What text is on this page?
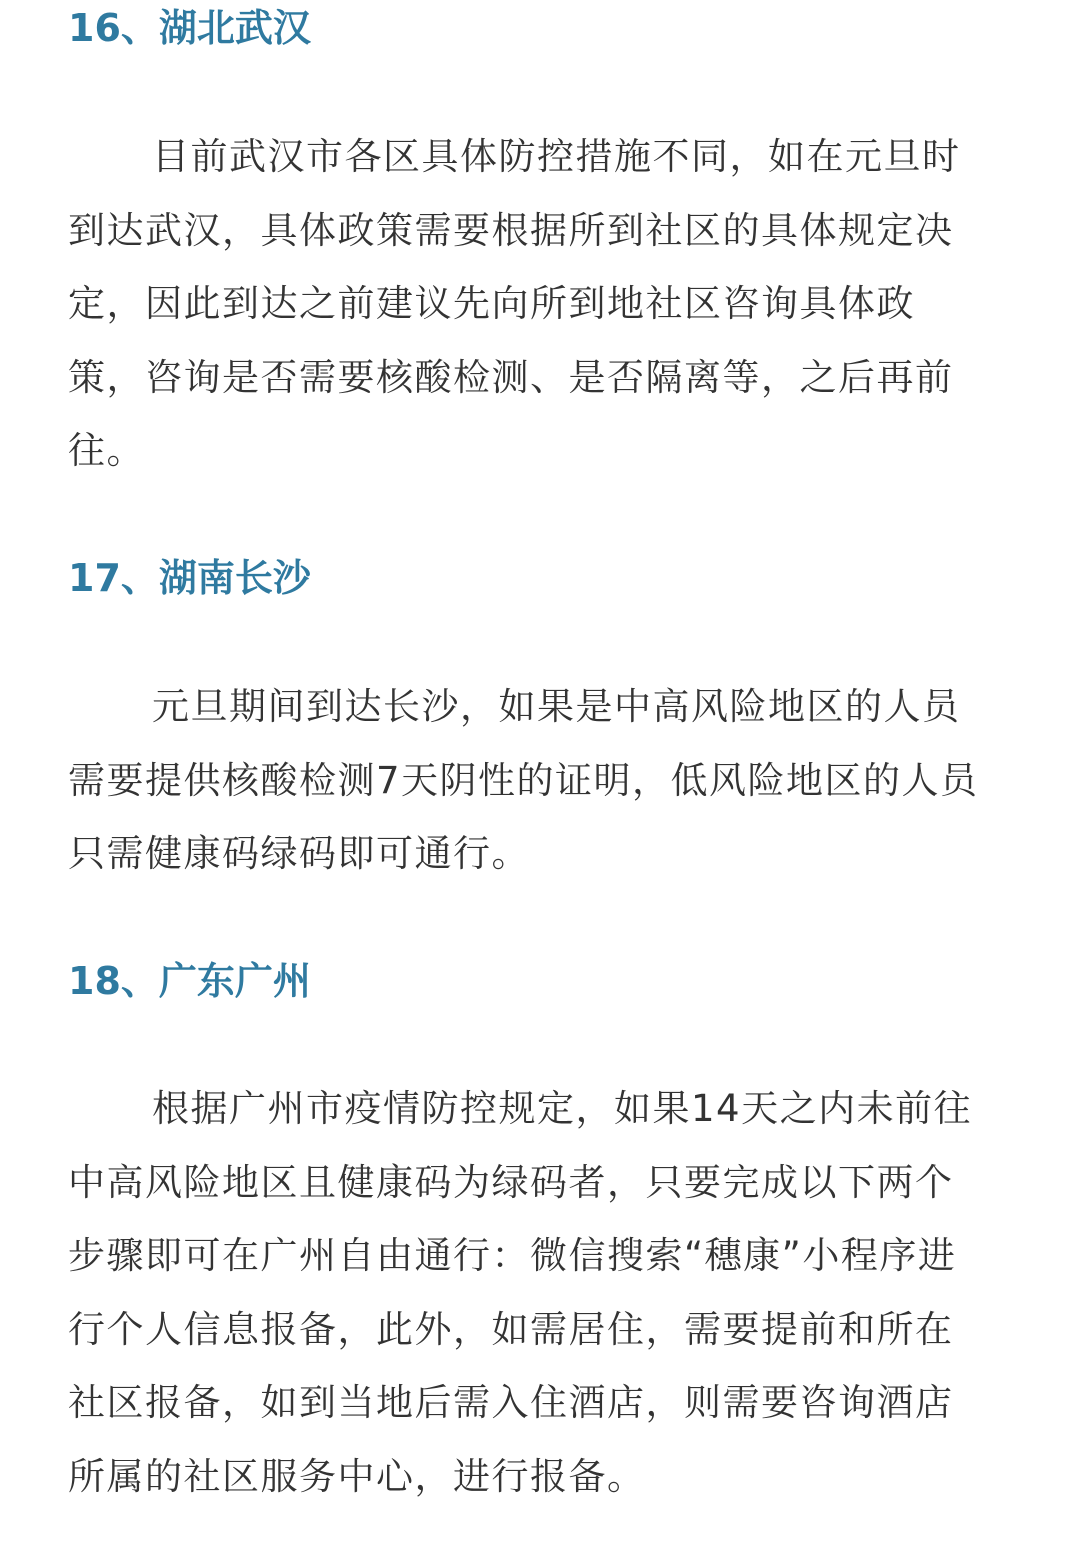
16、湖北武汉

目前武汉市各区具体防控措施不同，如在元旦时
到达武汉，具体政策需要根据所到社区的具体规定决
定，因此到达之前建议先向所到地社区咨询具体政
策，咨询是否需要核酸检测、是否隔离等，之后再前
往。

17、湖南长沙

元旦期间到达长沙，如果是中高风险地区的人员
需要提供核酸检测7天阴性的证明，低风险地区的人员
只需健康码绿码即可通行。

18、广东广州

根据广州市疫情防控规定，如果14天之内未前往
中高风险地区且健康码为绿码者，只要完成以下两个
步骤即可在广州自由通行：微信搜索“穗康”小程序进
行个人信息报备，此外，如需居住，需要提前和所在
社区报备，如到当地后需入住酒店，则需要咨询酒店
所属的社区服务中心，进行报备。
